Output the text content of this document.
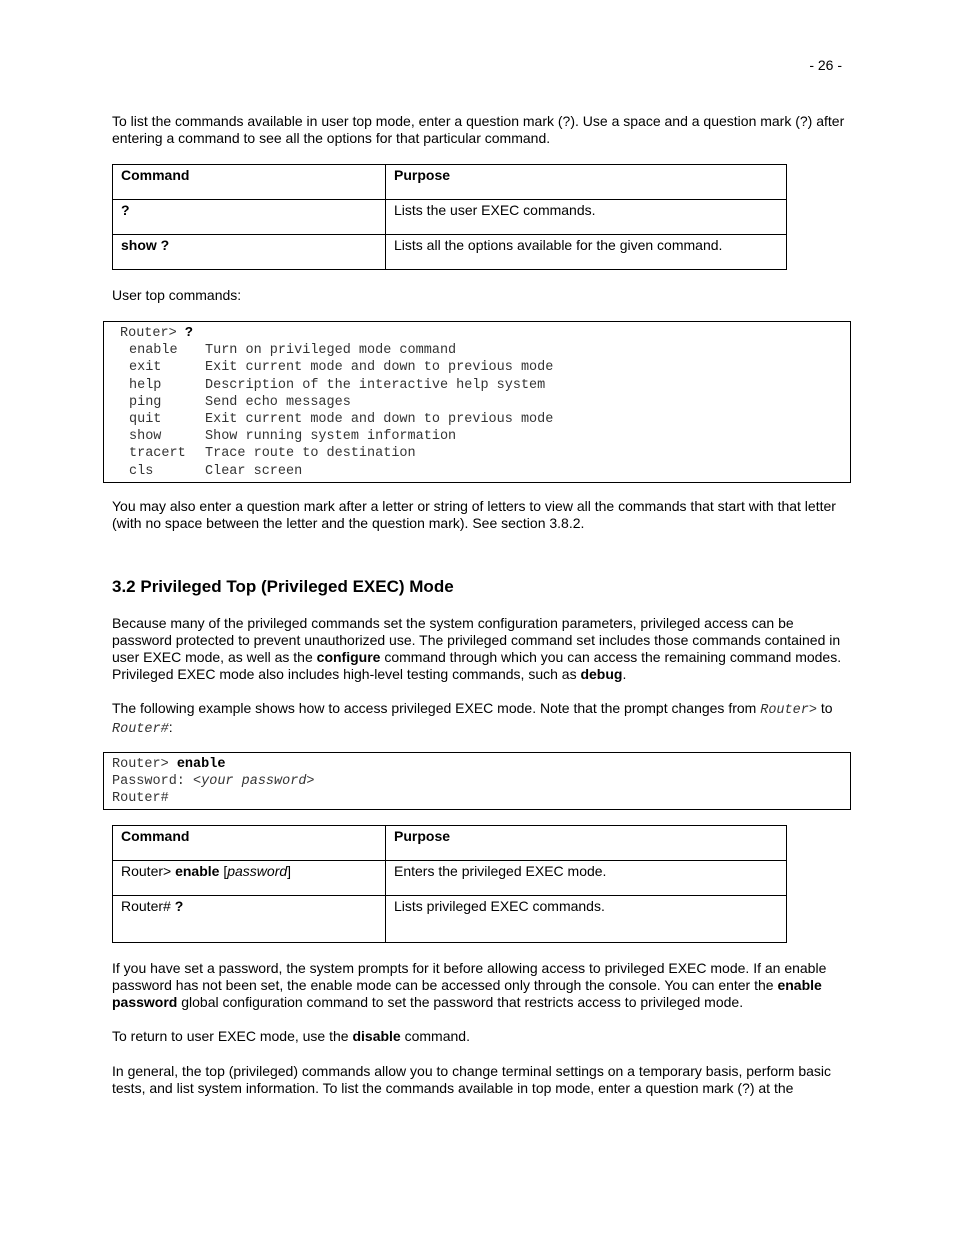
- 26 -

To list the commands available in user top mode, enter a question mark (?). Use a space and a question mark (?) after entering a command to see all the options for that particular command.

Command	Purpose
?	Lists the user EXEC commands.
show ?	Lists all the options available for the given command.

User top commands:

Router> ?
enable Turn on privileged mode command
exit	Exit current mode and down to previous mode
help	Description of the interactive help system
ping	Send echo messages
quit	Exit current mode and down to previous mode
show	Show running system information
tracert Trace route to destination
cls	Clear screen

You may also enter a question mark after a letter or string of letters to view all the commands that start with that letter (with no space between the letter and the question mark). See section 3.8.2.

3.2 Privileged Top (Privileged EXEC) Mode

Because many of the privileged commands set the system configuration parameters, privileged access can be password protected to prevent unauthorized use. The privileged command set includes those commands contained in user EXEC mode, as well as the configure command through which you can access the remaining command modes. Privileged EXEC mode also includes high-level testing commands, such as debug.

The following example shows how to access privileged EXEC mode. Note that the prompt changes from Router> to Router#:

Router> enable
Password: <your password>
Router#
Command	Purpose
Router> enable [password]	Enters the privileged EXEC mode.
Router# ?	Lists privileged EXEC commands.

If you have set a password, the system prompts for it before allowing access to privileged EXEC mode. If an enable password has not been set, the enable mode can be accessed only through the console. You can enter the enable password global configuration command to set the password that restricts access to privileged mode.

To return to user EXEC mode, use the disable command.

In general, the top (privileged) commands allow you to change terminal settings on a temporary basis, perform basic tests, and list system information. To list the commands available in top mode, enter a question mark (?) at the
